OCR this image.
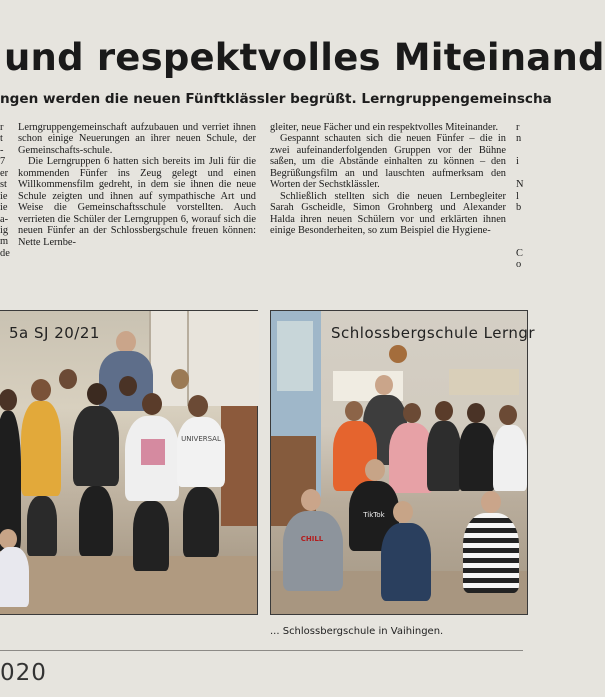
und respektvolles Miteinand
ngen werden die neuen Fünftklässler begrüßt. Lerngruppengemeinscha
r
t
-
7
er
st
ie
ie
a-
ig
m
de

Lerngruppengemeinschaft aufzubauen und verriet ihnen schon einige Neuerungen an ihrer neuen Schule, der Gemeinschafts-schule.

Die Lerngruppen 6 hatten sich bereits im Juli für die kommenden Fünfer ins Zeug gelegt und einen Willkommensfilm gedreht, in dem sie ihnen die neue Schule zeigten und ihnen auf sympathische Art und Weise die Gemeinschaftsschule vorstellten. Auch verrieten die Schüler der Lerngruppen 6, worauf sich die neuen Fünfer an der Schlossbergschule freuen können: Nette Lernbe-

gleiter, neue Fächer und ein respektvolles Miteinander.

Gespannt schauten sich die neuen Fünfer – die in zwei aufeinanderfolgenden Gruppen vor der Bühne saßen, um die Abstände einhalten zu können – den Begrüßungsfilm an und lauschten aufmerksam den Worten der Sechstklässler.

Schließlich stellten sich die neuen Lernbegleiter Sarah Gscheidle, Simon Grohnberg und Alexander Halda ihren neuen Schülern vor und erklärten ihnen einige Besonderheiten, so zum Beispiel die Hygiene-

r
n
i
N
l
b
C
o
UNIVERSAL
5a SJ 20/21
CHILL
TikTok
Schlossbergschule Lerngr
... Schlossbergschule in Vaihingen.
020
